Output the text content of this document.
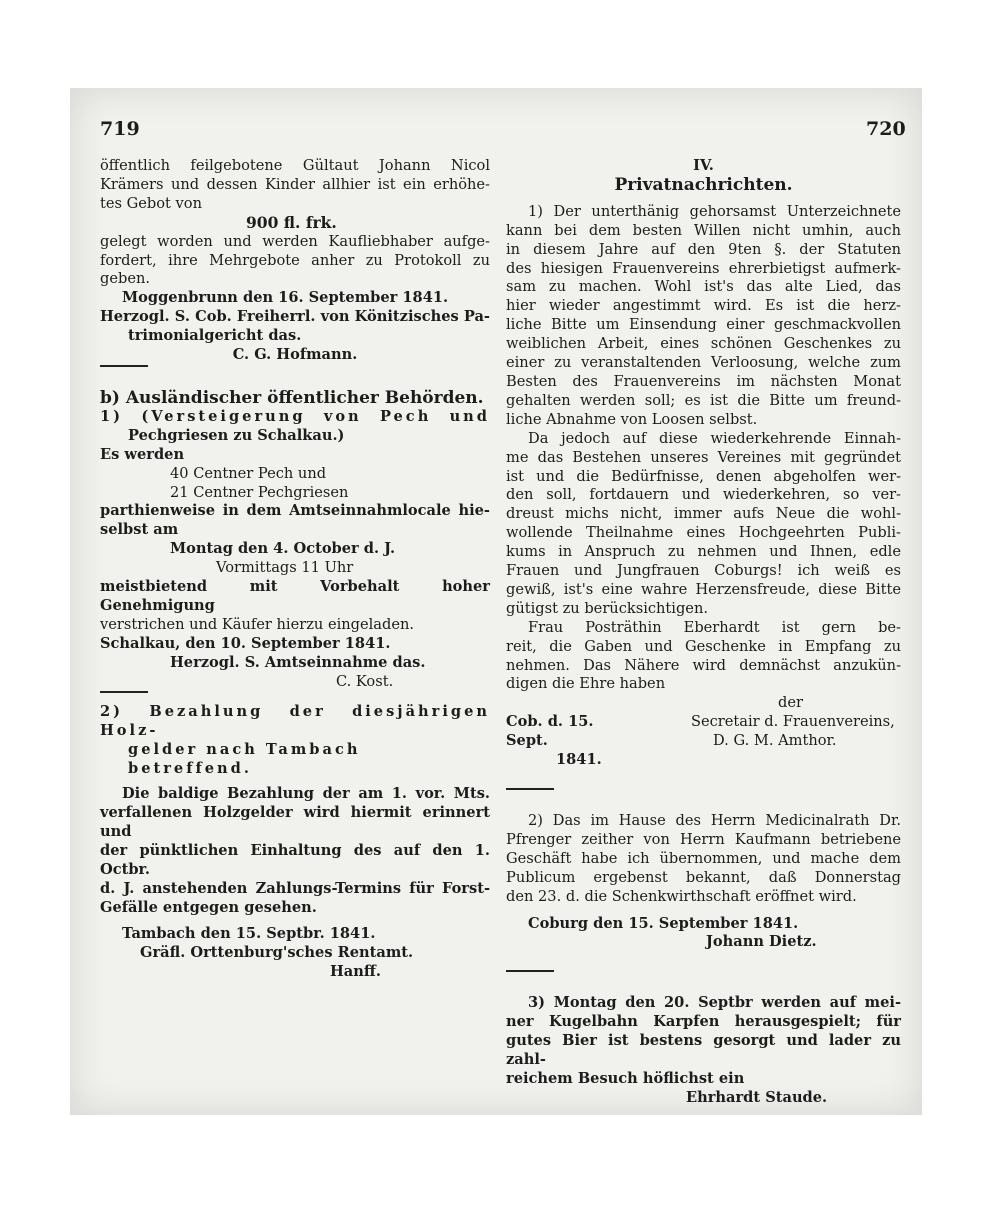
719	720

öffentlich feilgebotene Gültaut Johann Nicol

Krämers und dessen Kinder allhier ist ein erhöhe-

tes Gebot von

900 fl. frk.

gelegt worden und werden Kaufliebhaber aufge-

fordert, ihre Mehrgebote anher zu Protokoll zu

geben.

Moggenbrunn den 16. September 1841.

Herzogl. S. Cob. Freiherrl. von Könitzisches Pa-

trimonialgericht das.

C. G. Hofmann.

b) Ausländischer öffentlicher Behörden.

1) (Versteigerung von Pech und

Pechgriesen zu Schalkau.)

Es werden

40 Centner Pech und

21 Centner Pechgriesen

parthienweise in dem Amtseinnahmlocale hie-

selbst am

Montag den 4. October d. J.

Vormittags 11 Uhr

meistbietend mit Vorbehalt hoher Genehmigung

verstrichen und Käufer hierzu eingeladen.

Schalkau, den 10. September 1841.

Herzogl. S. Amtseinnahme das.

C. Kost.

2) Bezahlung der diesjährigen Holz-

gelder nach Tambach betreffend.

Die baldige Bezahlung der am 1. vor. Mts.

verfallenen Holzgelder wird hiermit erinnert und

der pünktlichen Einhaltung des auf den 1. Octbr.

d. J. anstehenden Zahlungs-Termins für Forst-

Gefälle entgegen gesehen.

Tambach den 15. Septbr. 1841.

Gräfl. Orttenburg'sches Rentamt.

Hanff.

IV.

Privatnachrichten.

1) Der unterthänig gehorsamst Unterzeichnete

kann bei dem besten Willen nicht umhin, auch

in diesem Jahre auf den 9ten §. der Statuten

des hiesigen Frauenvereins ehrerbietigst aufmerk-

sam zu machen. Wohl ist's das alte Lied, das

hier wieder angestimmt wird. Es ist die herz-

liche Bitte um Einsendung einer geschmackvollen

weiblichen Arbeit, eines schönen Geschenkes zu

einer zu veranstaltenden Verloosung, welche zum

Besten des Frauenvereins im nächsten Monat

gehalten werden soll; es ist die Bitte um freund-

liche Abnahme von Loosen selbst.

Da jedoch auf diese wiederkehrende Einnah-

me das Bestehen unseres Vereines mit gegründet

ist und die Bedürfnisse, denen abgeholfen wer-

den soll, fortdauern und wiederkehren, so ver-

dreust michs nicht, immer aufs Neue die wohl-

wollende Theilnahme eines Hochgeehrten Publi-

kums in Anspruch zu nehmen und Ihnen, edle

Frauen und Jungfrauen Coburgs! ich weiß es

gewiß, ist's eine wahre Herzensfreude, diese Bitte

gütigst zu berücksichtigen.

Frau Posträthin Eberhardt ist gern be-

reit, die Gaben und Geschenke in Empfang zu

nehmen. Das Nähere wird demnächst anzukün-

digen die Ehre haben

der

Cob. d. 15. Sept.

1841.

Secretair d. Frauenvereins,

D. G. M. Amthor.

2) Das im Hause des Herrn Medicinalrath Dr.

Pfrenger zeither von Herrn Kaufmann betriebene

Geschäft habe ich übernommen, und mache dem

Publicum ergebenst bekannt, daß Donnerstag

den 23. d. die Schenkwirthschaft eröffnet wird.

Coburg den 15. September 1841.

Johann Dietz.

3) Montag den 20. Septbr werden auf mei-

ner Kugelbahn Karpfen herausgespielt; für

gutes Bier ist bestens gesorgt und lader zu zahl-

reichem Besuch höflichst ein

Ehrhardt Staude.
